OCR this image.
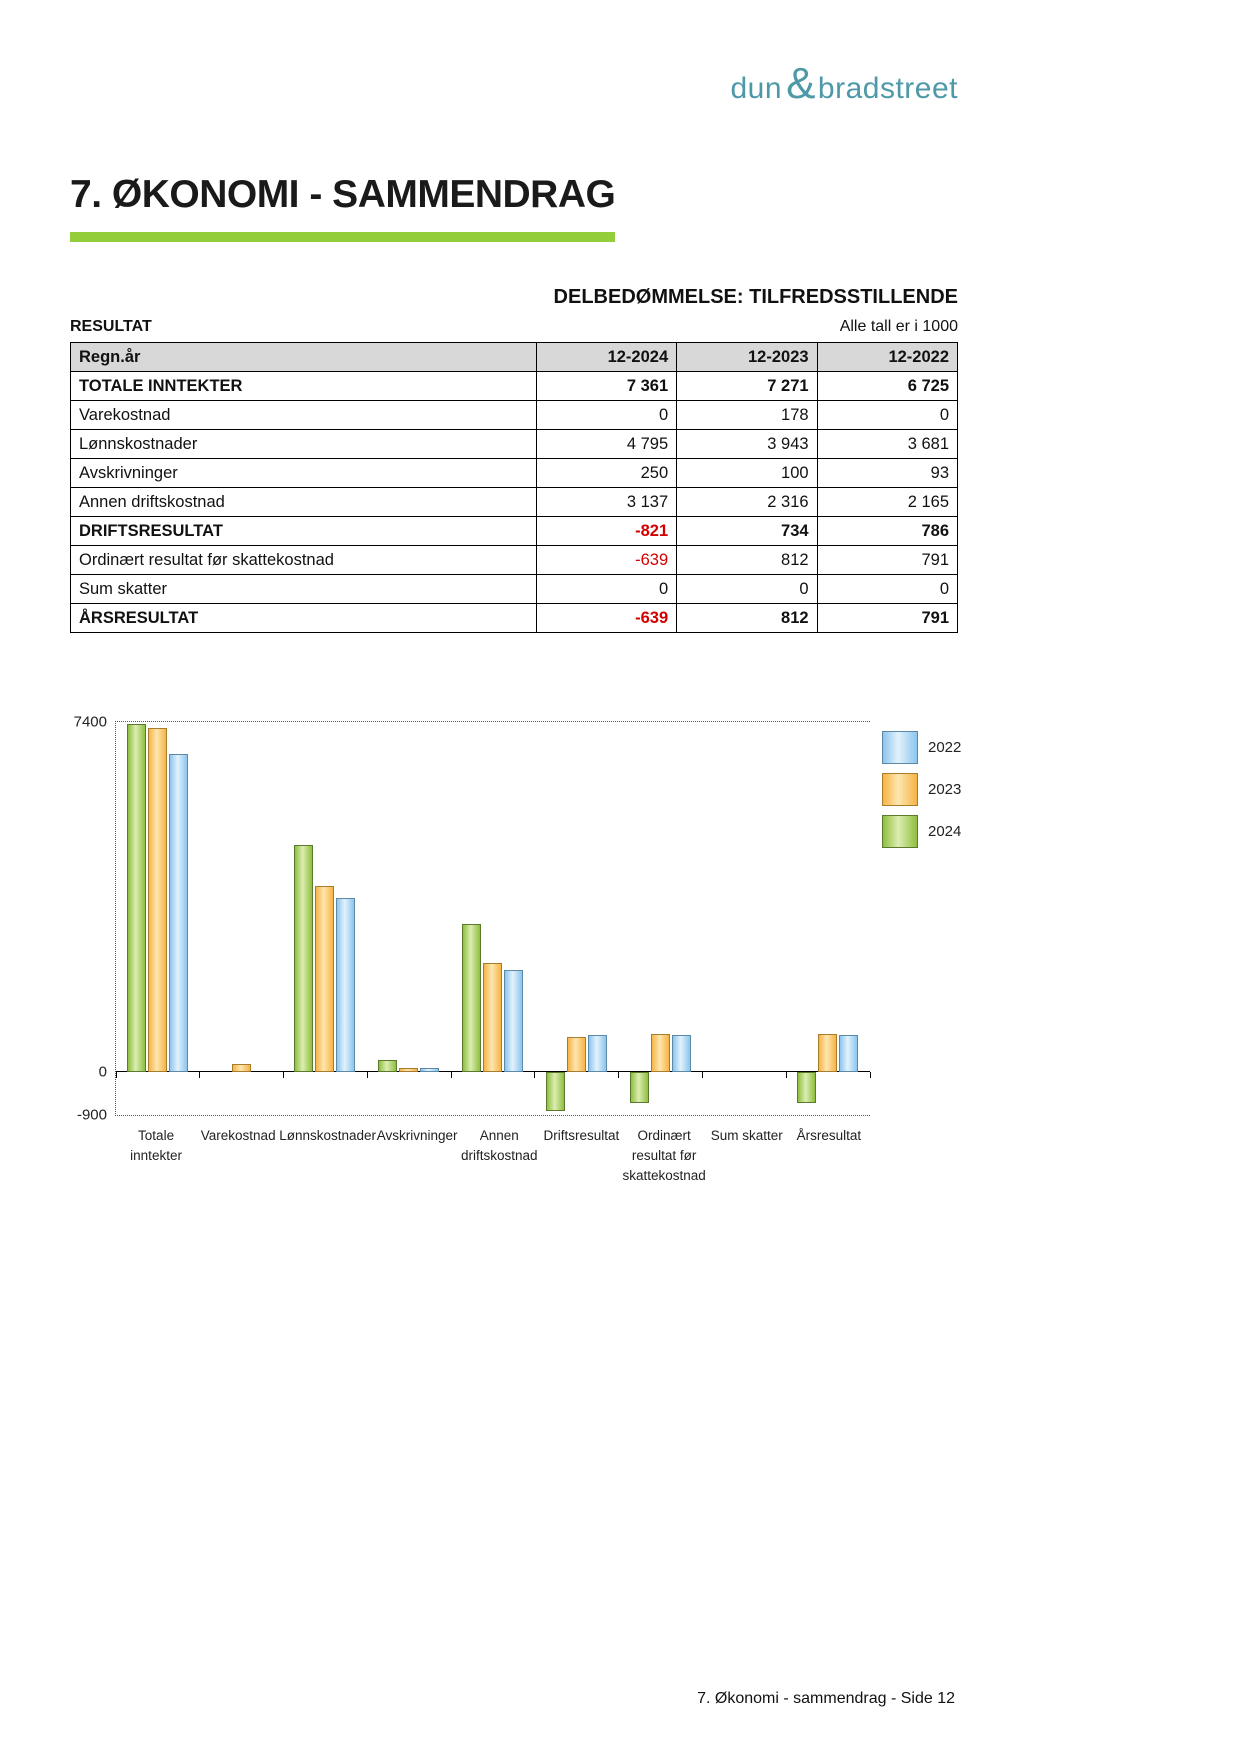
dun & bradstreet
7. ØKONOMI - SAMMENDRAG
DELBEDØMMELSE: TILFREDSSTILLENDE
RESULTAT	Alle tall er i 1000
Regn.år	12-2024	12-2023	12-2022
TOTALE INNTEKTER	7 361	7 271	6 725
Varekostnad	0	178	0
Lønnskostnader	4 795	3 943	3 681
Avskrivninger	250	100	93
Annen driftskostnad	3 137	2 316	2 165
DRIFTSRESULTAT	-821	734	786
Ordinært resultat før skattekostnad	-639	812	791
Sum skatter	0	0	0
ÅRSRESULTAT	-639	812	791
7400
0
-900
Totale inntekter
Varekostnad Lønnskostnader Avskrivninger	Annen driftskostnad
Driftsresultat	Ordinært resultat før skattekostnad
Sum skatter	Årsresultat
2022
2023
2024
7. Økonomi - sammendrag - Side 12
